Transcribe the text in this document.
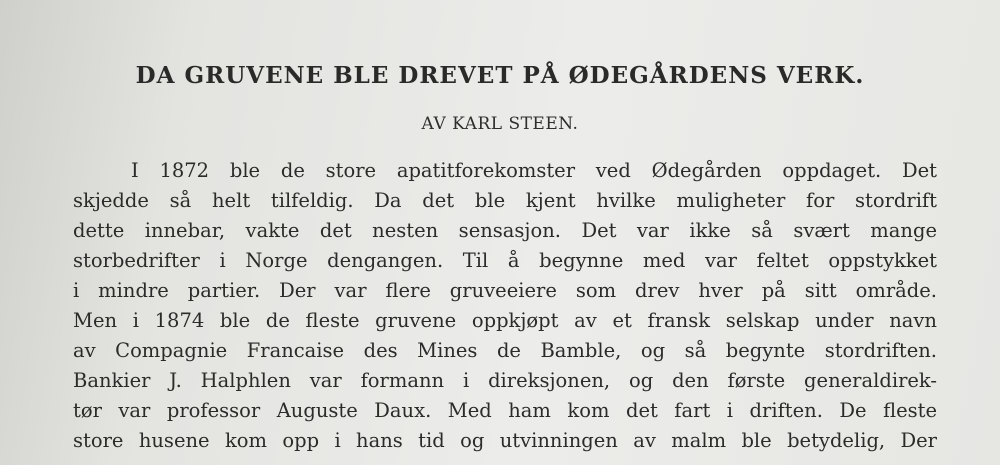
DA GRUVENE BLE DREVET PÅ ØDEGÅRDENS VERK.
AV KARL STEEN.
I 1872 ble de store apatitforekomster ved Ødegården oppdaget. Det
skjedde så helt tilfeldig. Da det ble kjent hvilke muligheter for stordrift
dette innebar, vakte det nesten sensasjon. Det var ikke så svært mange
storbedrifter i Norge dengangen. Til å begynne med var feltet oppstykket
i mindre partier. Der var flere gruveeiere som drev hver på sitt område.
Men i 1874 ble de fleste gruvene oppkjøpt av et fransk selskap under navn
av Compagnie Francaise des Mines de Bamble, og så begynte stordriften.
Bankier J. Halphlen var formann i direksjonen, og den første generaldirek-
tør var professor Auguste Daux. Med ham kom det fart i driften. De fleste
store husene kom opp i hans tid og utvinningen av malm ble betydelig, Der
